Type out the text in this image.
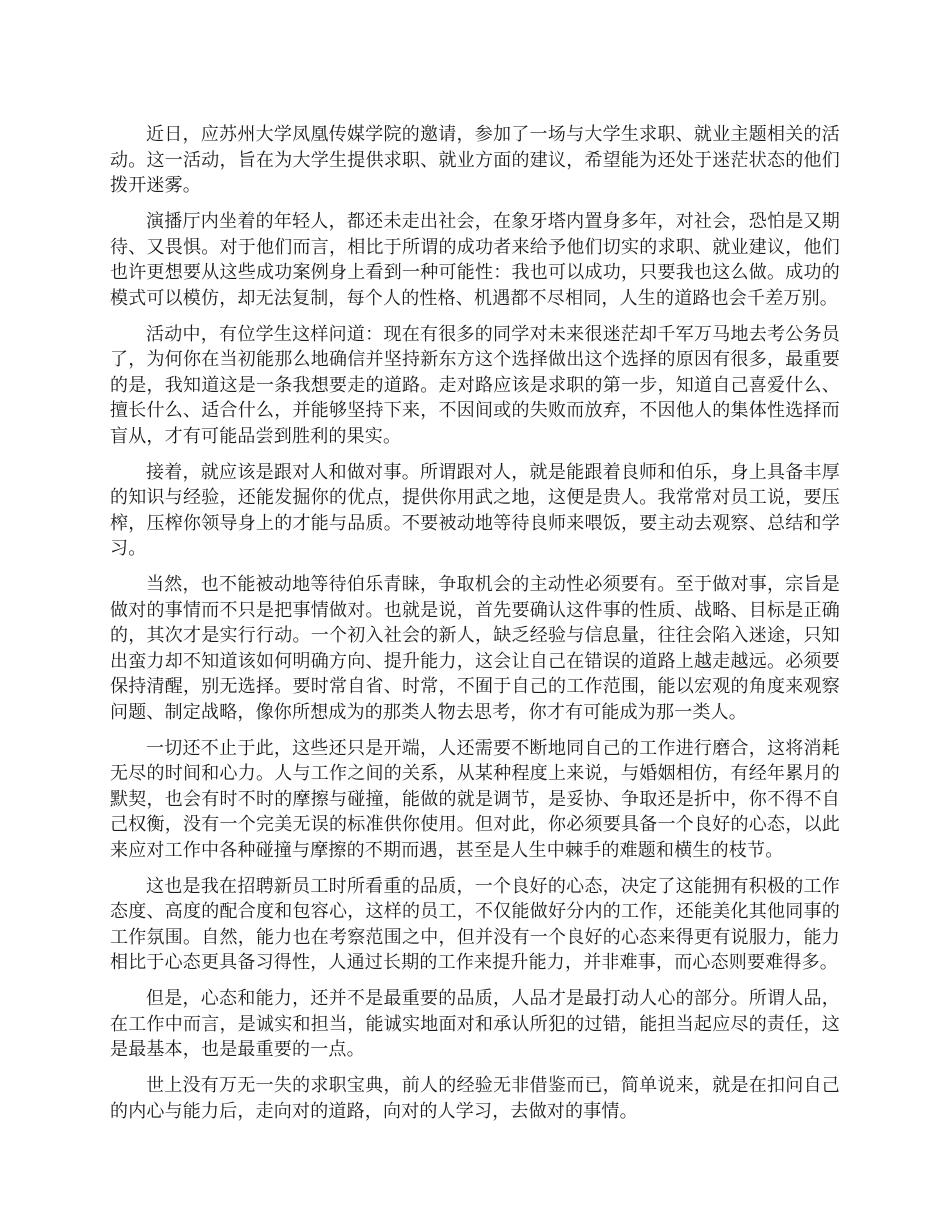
近日，应苏州大学凤凰传媒学院的邀请，参加了一场与大学生求职、就业主题相关的活动。这一活动，旨在为大学生提供求职、就业方面的建议，希望能为还处于迷茫状态的他们拨开迷雾。

演播厅内坐着的年轻人，都还未走出社会，在象牙塔内置身多年，对社会，恐怕是又期待、又畏惧。对于他们而言，相比于所谓的成功者来给予他们切实的求职、就业建议，他们也许更想要从这些成功案例身上看到一种可能性：我也可以成功，只要我也这么做。成功的模式可以模仿，却无法复制，每个人的性格、机遇都不尽相同，人生的道路也会千差万别。

活动中，有位学生这样问道：现在有很多的同学对未来很迷茫却千军万马地去考公务员了，为何你在当初能那么地确信并坚持新东方这个选择做出这个选择的原因有很多，最重要的是，我知道这是一条我想要走的道路。走对路应该是求职的第一步，知道自己喜爱什么、擅长什么、适合什么，并能够坚持下来，不因间或的失败而放弃，不因他人的集体性选择而盲从，才有可能品尝到胜利的果实。

接着，就应该是跟对人和做对事。所谓跟对人，就是能跟着良师和伯乐，身上具备丰厚的知识与经验，还能发掘你的优点，提供你用武之地，这便是贵人。我常常对员工说，要压榨，压榨你领导身上的才能与品质。不要被动地等待良师来喂饭，要主动去观察、总结和学习。

当然，也不能被动地等待伯乐青睐，争取机会的主动性必须要有。至于做对事，宗旨是做对的事情而不只是把事情做对。也就是说，首先要确认这件事的性质、战略、目标是正确的，其次才是实行行动。一个初入社会的新人，缺乏经验与信息量，往往会陷入迷途，只知出蛮力却不知道该如何明确方向、提升能力，这会让自己在错误的道路上越走越远。必须要保持清醒，别无选择。要时常自省、时常，不囿于自己的工作范围，能以宏观的角度来观察问题、制定战略，像你所想成为的那类人物去思考，你才有可能成为那一类人。

一切还不止于此，这些还只是开端，人还需要不断地同自己的工作进行磨合，这将消耗无尽的时间和心力。人与工作之间的关系，从某种程度上来说，与婚姻相仿，有经年累月的默契，也会有时不时的摩擦与碰撞，能做的就是调节，是妥协、争取还是折中，你不得不自己权衡，没有一个完美无误的标准供你使用。但对此，你必须要具备一个良好的心态，以此来应对工作中各种碰撞与摩擦的不期而遇，甚至是人生中棘手的难题和横生的枝节。

这也是我在招聘新员工时所看重的品质，一个良好的心态，决定了这能拥有积极的工作态度、高度的配合度和包容心，这样的员工，不仅能做好分内的工作，还能美化其他同事的工作氛围。自然，能力也在考察范围之中，但并没有一个良好的心态来得更有说服力，能力相比于心态更具备习得性，人通过长期的工作来提升能力，并非难事，而心态则要难得多。

但是，心态和能力，还并不是最重要的品质，人品才是最打动人心的部分。所谓人品，在工作中而言，是诚实和担当，能诚实地面对和承认所犯的过错，能担当起应尽的责任，这是最基本，也是最重要的一点。

世上没有万无一失的求职宝典，前人的经验无非借鉴而已，简单说来，就是在扣问自己的内心与能力后，走向对的道路，向对的人学习，去做对的事情。
